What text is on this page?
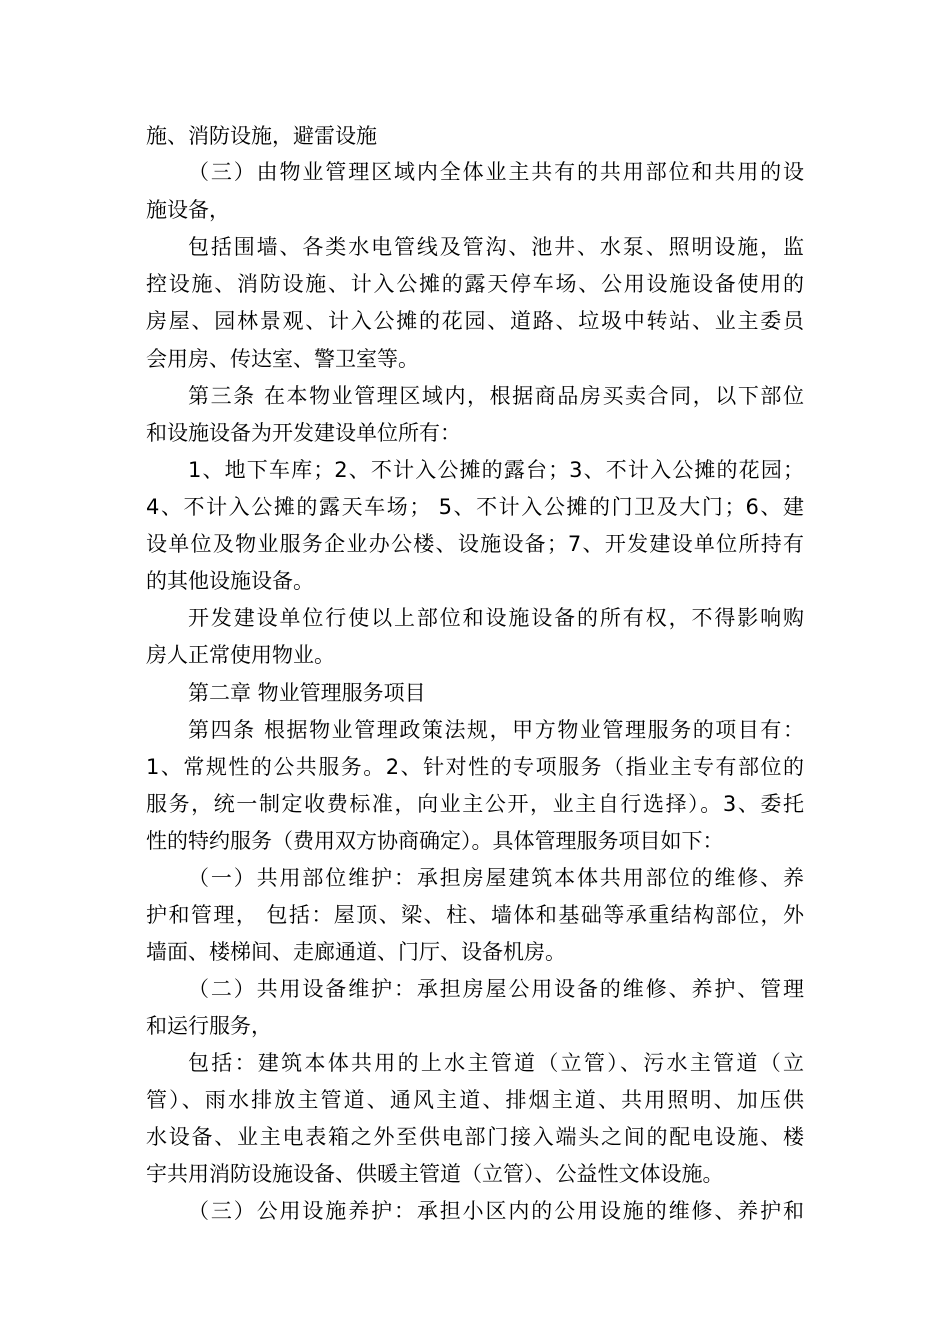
施、消防设施，避雷设施
（三）由物业管理区域内全体业主共有的共用部位和共用的设
施设备，
包括围墙、各类水电管线及管沟、池井、水泵、照明设施，监
控设施、消防设施、计入公摊的露天停车场、公用设施设备使用的
房屋、园林景观、计入公摊的花园、道路、垃圾中转站、业主委员
会用房、传达室、警卫室等。
第三条 在本物业管理区域内，根据商品房买卖合同，以下部位
和设施设备为开发建设单位所有：
1、地下车库；2、不计入公摊的露台；3、不计入公摊的花园；
4、不计入公摊的露天车场； 5、不计入公摊的门卫及大门；6、建
设单位及物业服务企业办公楼、设施设备；7、开发建设单位所持有
的其他设施设备。
开发建设单位行使以上部位和设施设备的所有权，不得影响购
房人正常使用物业。
第二章 物业管理服务项目
第四条 根据物业管理政策法规，甲方物业管理服务的项目有：
1、常规性的公共服务。2、针对性的专项服务（指业主专有部位的
服务，统一制定收费标准，向业主公开，业主自行选择）。3、委托
性的特约服务（费用双方协商确定）。具体管理服务项目如下：
（一）共用部位维护：承担房屋建筑本体共用部位的维修、养
护和管理， 包括：屋顶、梁、柱、墙体和基础等承重结构部位，外
墙面、楼梯间、走廊通道、门厅、设备机房。
（二）共用设备维护：承担房屋公用设备的维修、养护、管理
和运行服务，
包括：建筑本体共用的上水主管道（立管）、污水主管道（立
管）、雨水排放主管道、通风主道、排烟主道、共用照明、加压供
水设备、业主电表箱之外至供电部门接入端头之间的配电设施、楼
宇共用消防设施设备、供暖主管道（立管）、公益性文体设施。
（三）公用设施养护：承担小区内的公用设施的维修、养护和
